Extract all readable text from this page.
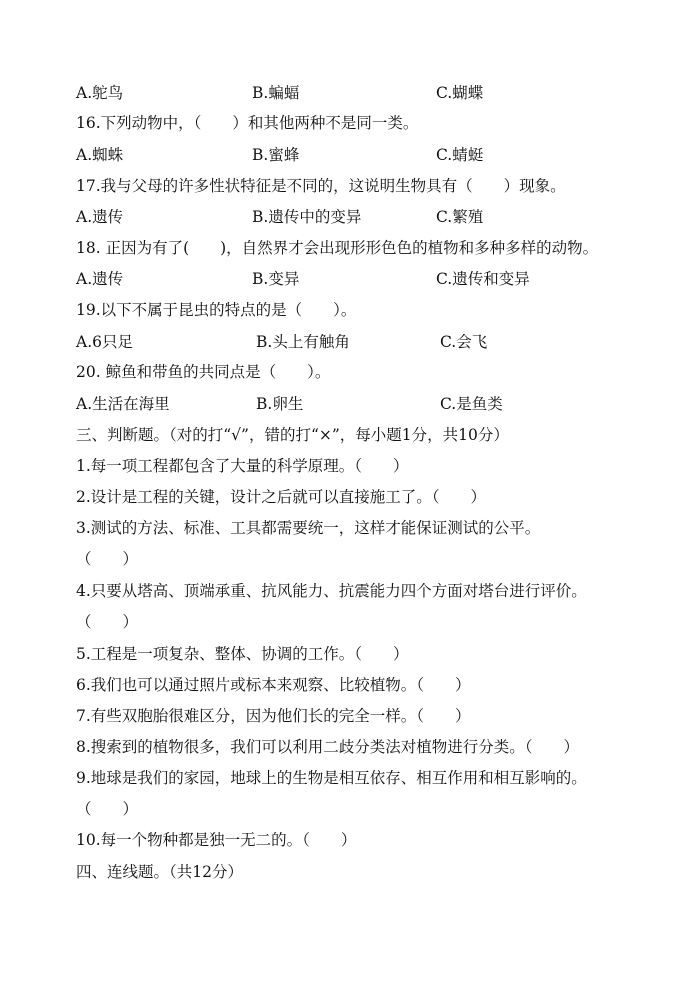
A.鸵鸟	B.蝙蝠	C.蝴蝶
16.下列动物中，（　　）和其他两种不是同一类。
A.蜘蛛	B.蜜蜂	C.蜻蜓
17.我与父母的许多性状特征是不同的，这说明生物具有（　　）现象。
A.遗传	B.遗传中的变异	C.繁殖
18. 正因为有了(　　)，自然界才会出现形形色色的植物和多种多样的动物。
A.遗传	B.变异	C.遗传和变异
19.以下不属于昆虫的特点的是（　　）。
A.6只足	B.头上有触角	C.会飞
20. 鲸鱼和带鱼的共同点是（　　）。
A.生活在海里	B.卵生	C.是鱼类
三、判断题。（对的打“√”，错的打“×”，每小题1分，共10分）
1.每一项工程都包含了大量的科学原理。（　　）
2.设计是工程的关键，设计之后就可以直接施工了。（　　）
3.测试的方法、标准、工具都需要统一，这样才能保证测试的公平。
（　　）
4.只要从塔高、顶端承重、抗风能力、抗震能力四个方面对塔台进行评价。
（　　）
5.工程是一项复杂、整体、协调的工作。（　　）
6.我们也可以通过照片或标本来观察、比较植物。（　　）
7.有些双胞胎很难区分，因为他们长的完全一样。（　　）
8.搜索到的植物很多，我们可以利用二歧分类法对植物进行分类。（　　）
9.地球是我们的家园，地球上的生物是相互依存、相互作用和相互影响的。
（　　）
10.每一个物种都是独一无二的。（　　）
四、连线题。（共12分）
